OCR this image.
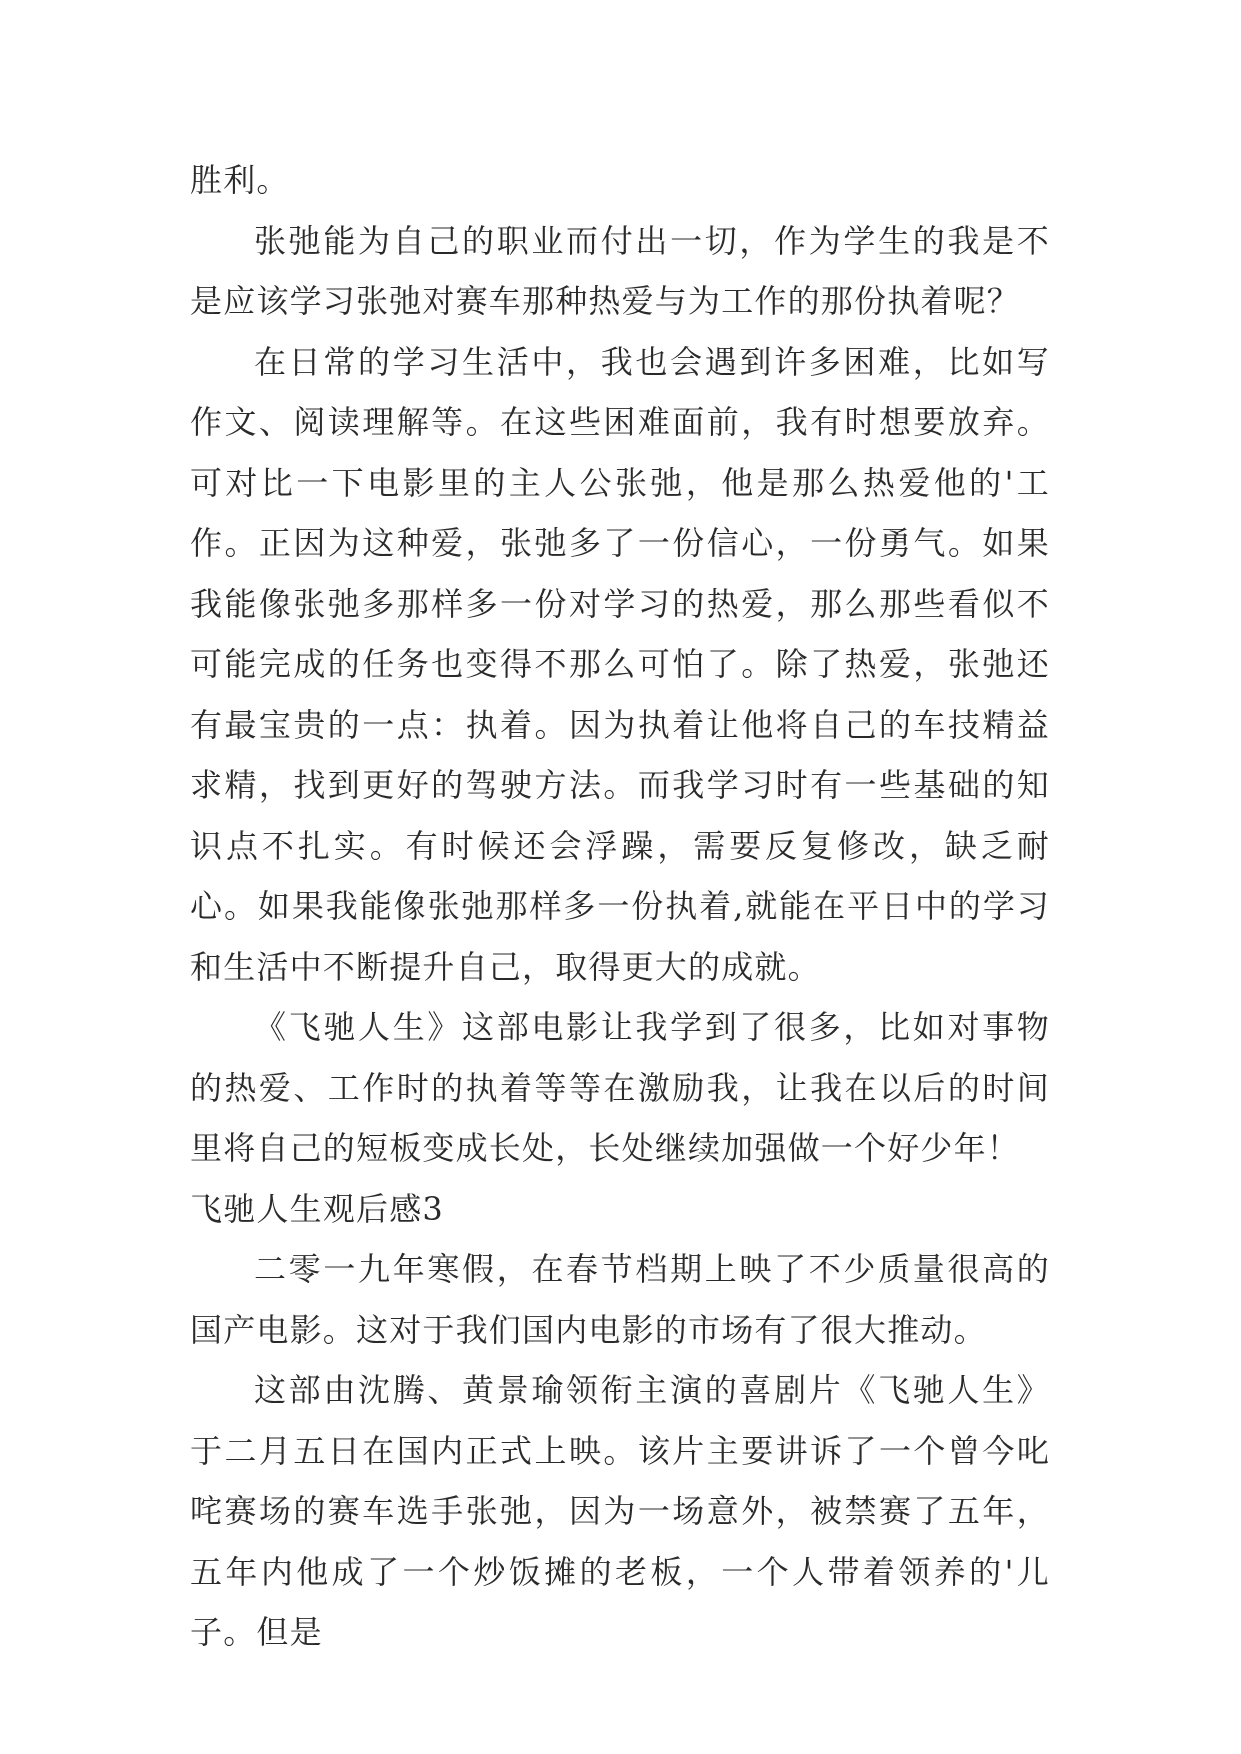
胜利。

张弛能为自己的职业而付出一切，作为学生的我是不是应该学习张弛对赛车那种热爱与为工作的那份执着呢？

在日常的学习生活中，我也会遇到许多困难，比如写作文、阅读理解等。在这些困难面前，我有时想要放弃。可对比一下电影里的主人公张弛，他是那么热爱他的'工作。正因为这种爱，张弛多了一份信心，一份勇气。如果我能像张弛多那样多一份对学习的热爱，那么那些看似不可能完成的任务也变得不那么可怕了。除了热爱，张弛还有最宝贵的一点：执着。因为执着让他将自己的车技精益求精，找到更好的驾驶方法。而我学习时有一些基础的知识点不扎实。有时候还会浮躁，需要反复修改，缺乏耐心。如果我能像张弛那样多一份执着,就能在平日中的学习和生活中不断提升自己，取得更大的成就。

《飞驰人生》这部电影让我学到了很多，比如对事物的热爱、工作时的执着等等在激励我，让我在以后的时间里将自己的短板变成长处，长处继续加强做一个好少年！

飞驰人生观后感3

二零一九年寒假，在春节档期上映了不少质量很高的国产电影。这对于我们国内电影的市场有了很大推动。

这部由沈腾、黄景瑜领衔主演的喜剧片《飞驰人生》于二月五日在国内正式上映。该片主要讲诉了一个曾今叱咤赛场的赛车选手张弛，因为一场意外，被禁赛了五年，五年内他成了一个炒饭摊的老板，一个人带着领养的'儿子。但是
